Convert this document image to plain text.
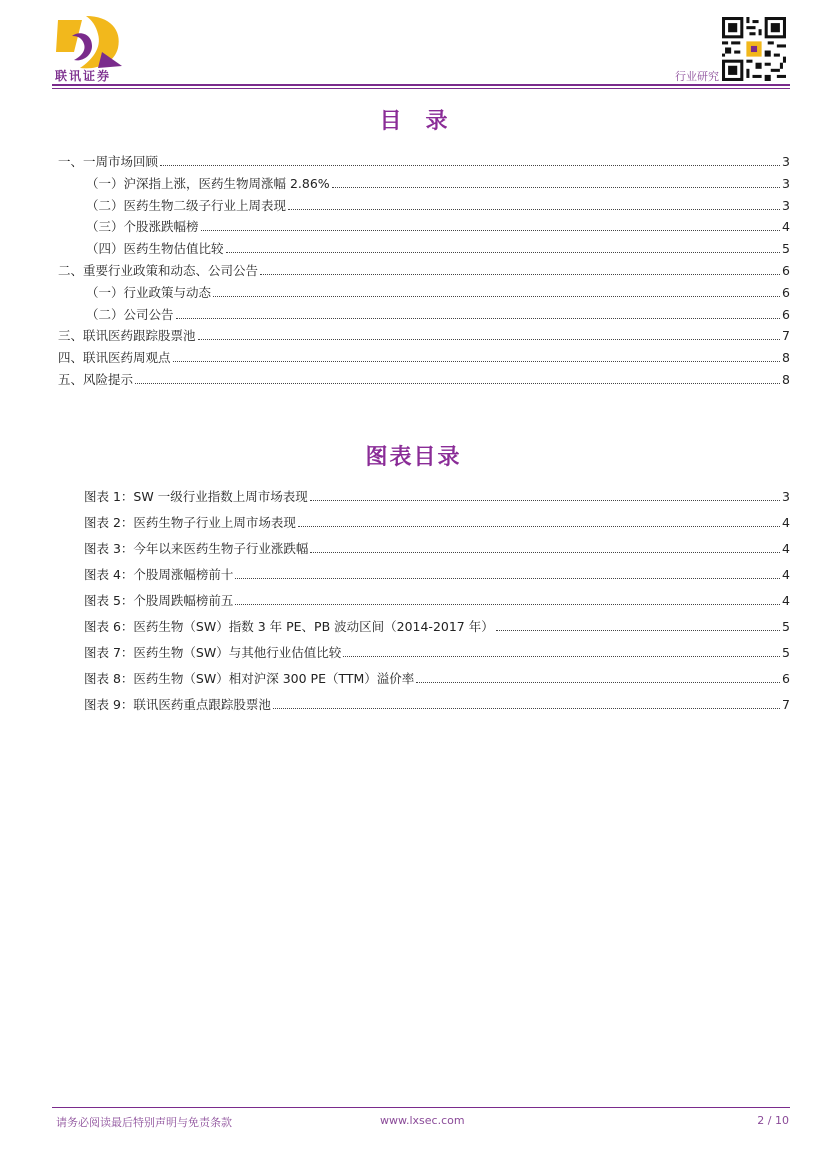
联讯证券	行业研究
目录
一、一周市场回顾	3
（一）沪深指上涨，医药生物周涨幅 2.86%	3
（二）医药生物二级子行业上周表现	3
（三）个股涨跌幅榜	4
（四）医药生物估值比较	5
二、重要行业政策和动态、公司公告	6
（一）行业政策与动态	6
（二）公司公告	6
三、联讯医药跟踪股票池	7
四、联讯医药周观点	8
五、风险提示	8
图表目录
图表 1：SW 一级行业指数上周市场表现	3
图表 2：医药生物子行业上周市场表现	4
图表 3：今年以来医药生物子行业涨跌幅	4
图表 4：个股周涨幅榜前十	4
图表 5：个股周跌幅榜前五	4
图表 6：医药生物（SW）指数 3 年 PE、PB 波动区间（2014-2017 年）	5
图表 7：医药生物（SW）与其他行业估值比较	5
图表 8：医药生物（SW）相对沪深 300 PE（TTM）溢价率	6
图表 9：联讯医药重点跟踪股票池	7
请务必阅读最后特别声明与免责条款	www.lxsec.com	2 / 10
